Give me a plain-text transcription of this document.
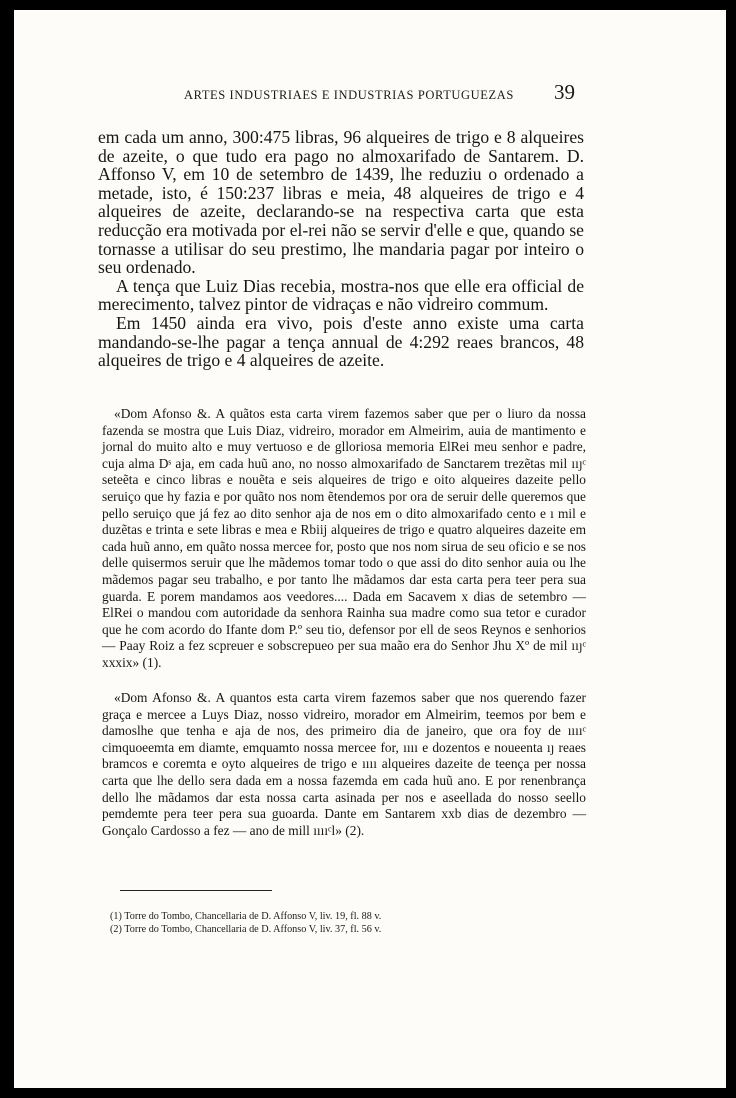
ARTES INDUSTRIAES E INDUSTRIAS PORTUGUEZAS	39

em cada um anno, 300:475 libras, 96 alqueires de trigo e 8 alqueires de azeite, o que tudo era pago no almoxarifado de Santarem. D. Affonso V, em 10 de setembro de 1439, lhe reduziu o ordenado a metade, isto, é 150:237 libras e meia, 48 alqueires de trigo e 4 alqueires de azeite, declarando-se na respectiva carta que esta reducção era motivada por el-rei não se servir d'elle e que, quando se tornasse a utilisar do seu prestimo, lhe mandaria pagar por inteiro o seu ordenado.

A tença que Luiz Dias recebia, mostra-nos que elle era official de merecimento, talvez pintor de vidraças e não vidreiro commum.

Em 1450 ainda era vivo, pois d'este anno existe uma carta mandando-se-lhe pagar a tença annual de 4:292 reaes brancos, 48 alqueires de trigo e 4 alqueires de azeite.

«Dom Afonso &. A quãtos esta carta virem fazemos saber que per o liuro da nossa fazenda se mostra que Luis Diaz, vidreiro, morador em Almeirim, auia de mantimento e jornal do muito alto e muy vertuoso e de glloriosa memoria ElRei meu senhor e padre, cuja alma Dˢ aja, em cada huũ ano, no nosso almoxarifado de Sanctarem trezẽtas mil ııȷᶜ seteẽta e cinco libras e nouẽta e seis alqueires de trigo e oito alqueires dazeite pello seruiço que hy fazia e por quãto nos nom ẽtendemos por ora de seruir delle queremos que pello seruiço que já fez ao dito senhor aja de nos em o dito almoxarifado cento e ı mil e duzẽtas e trinta e sete libras e mea e Rbiij alqueires de trigo e quatro alqueires dazeite em cada huũ anno, em quãto nossa mercee for, posto que nos nom sirua de seu oficio e se nos delle quisermos seruir que lhe mãdemos tomar todo o que assi do dito senhor auia ou lhe mãdemos pagar seu trabalho, e por tanto lhe mãdamos dar esta carta pera teer pera sua guarda. E porem mandamos aos veedores.... Dada em Sacavem x dias de setembro — ElRei o mandou com autoridade da senhora Rainha sua madre como sua tetor e curador que he com acordo do Ifante dom P.º seu tio, defensor por ell de seos Reynos e senhorios — Paay Roiz a fez scpreuer e sobscrepueo per sua maão era do Senhor Jhu Xº de mil ııȷᶜ xxxix» (1).

«Dom Afonso &. A quantos esta carta virem fazemos saber que nos querendo fazer graça e mercee a Luys Diaz, nosso vidreiro, morador em Almeirim, teemos por bem e damoslhe que tenha e aja de nos, des primeiro dia de janeiro, que ora foy de ııııᶜ cimquoeemta em diamte, emquamto nossa mercee for, ıııı e dozentos e noueenta ıȷ reaes bramcos e coremta e oyto alqueires de trigo e ıııı alqueires dazeite de teença per nossa carta que lhe dello sera dada em a nossa fazemda em cada huũ ano. E por renenbrança dello lhe mãdamos dar esta nossa carta asinada per nos e aseellada do nosso seello pemdemte pera teer pera sua guoarda. Dante em Santarem xxb dias de dezembro — Gonçalo Cardosso a fez — ano de mill ııııᶜl» (2).

(1) Torre do Tombo, Chancellaria de D. Affonso V, liv. 19, fl. 88 v.
(2) Torre do Tombo, Chancellaria de D. Affonso V, liv. 37, fl. 56 v.
